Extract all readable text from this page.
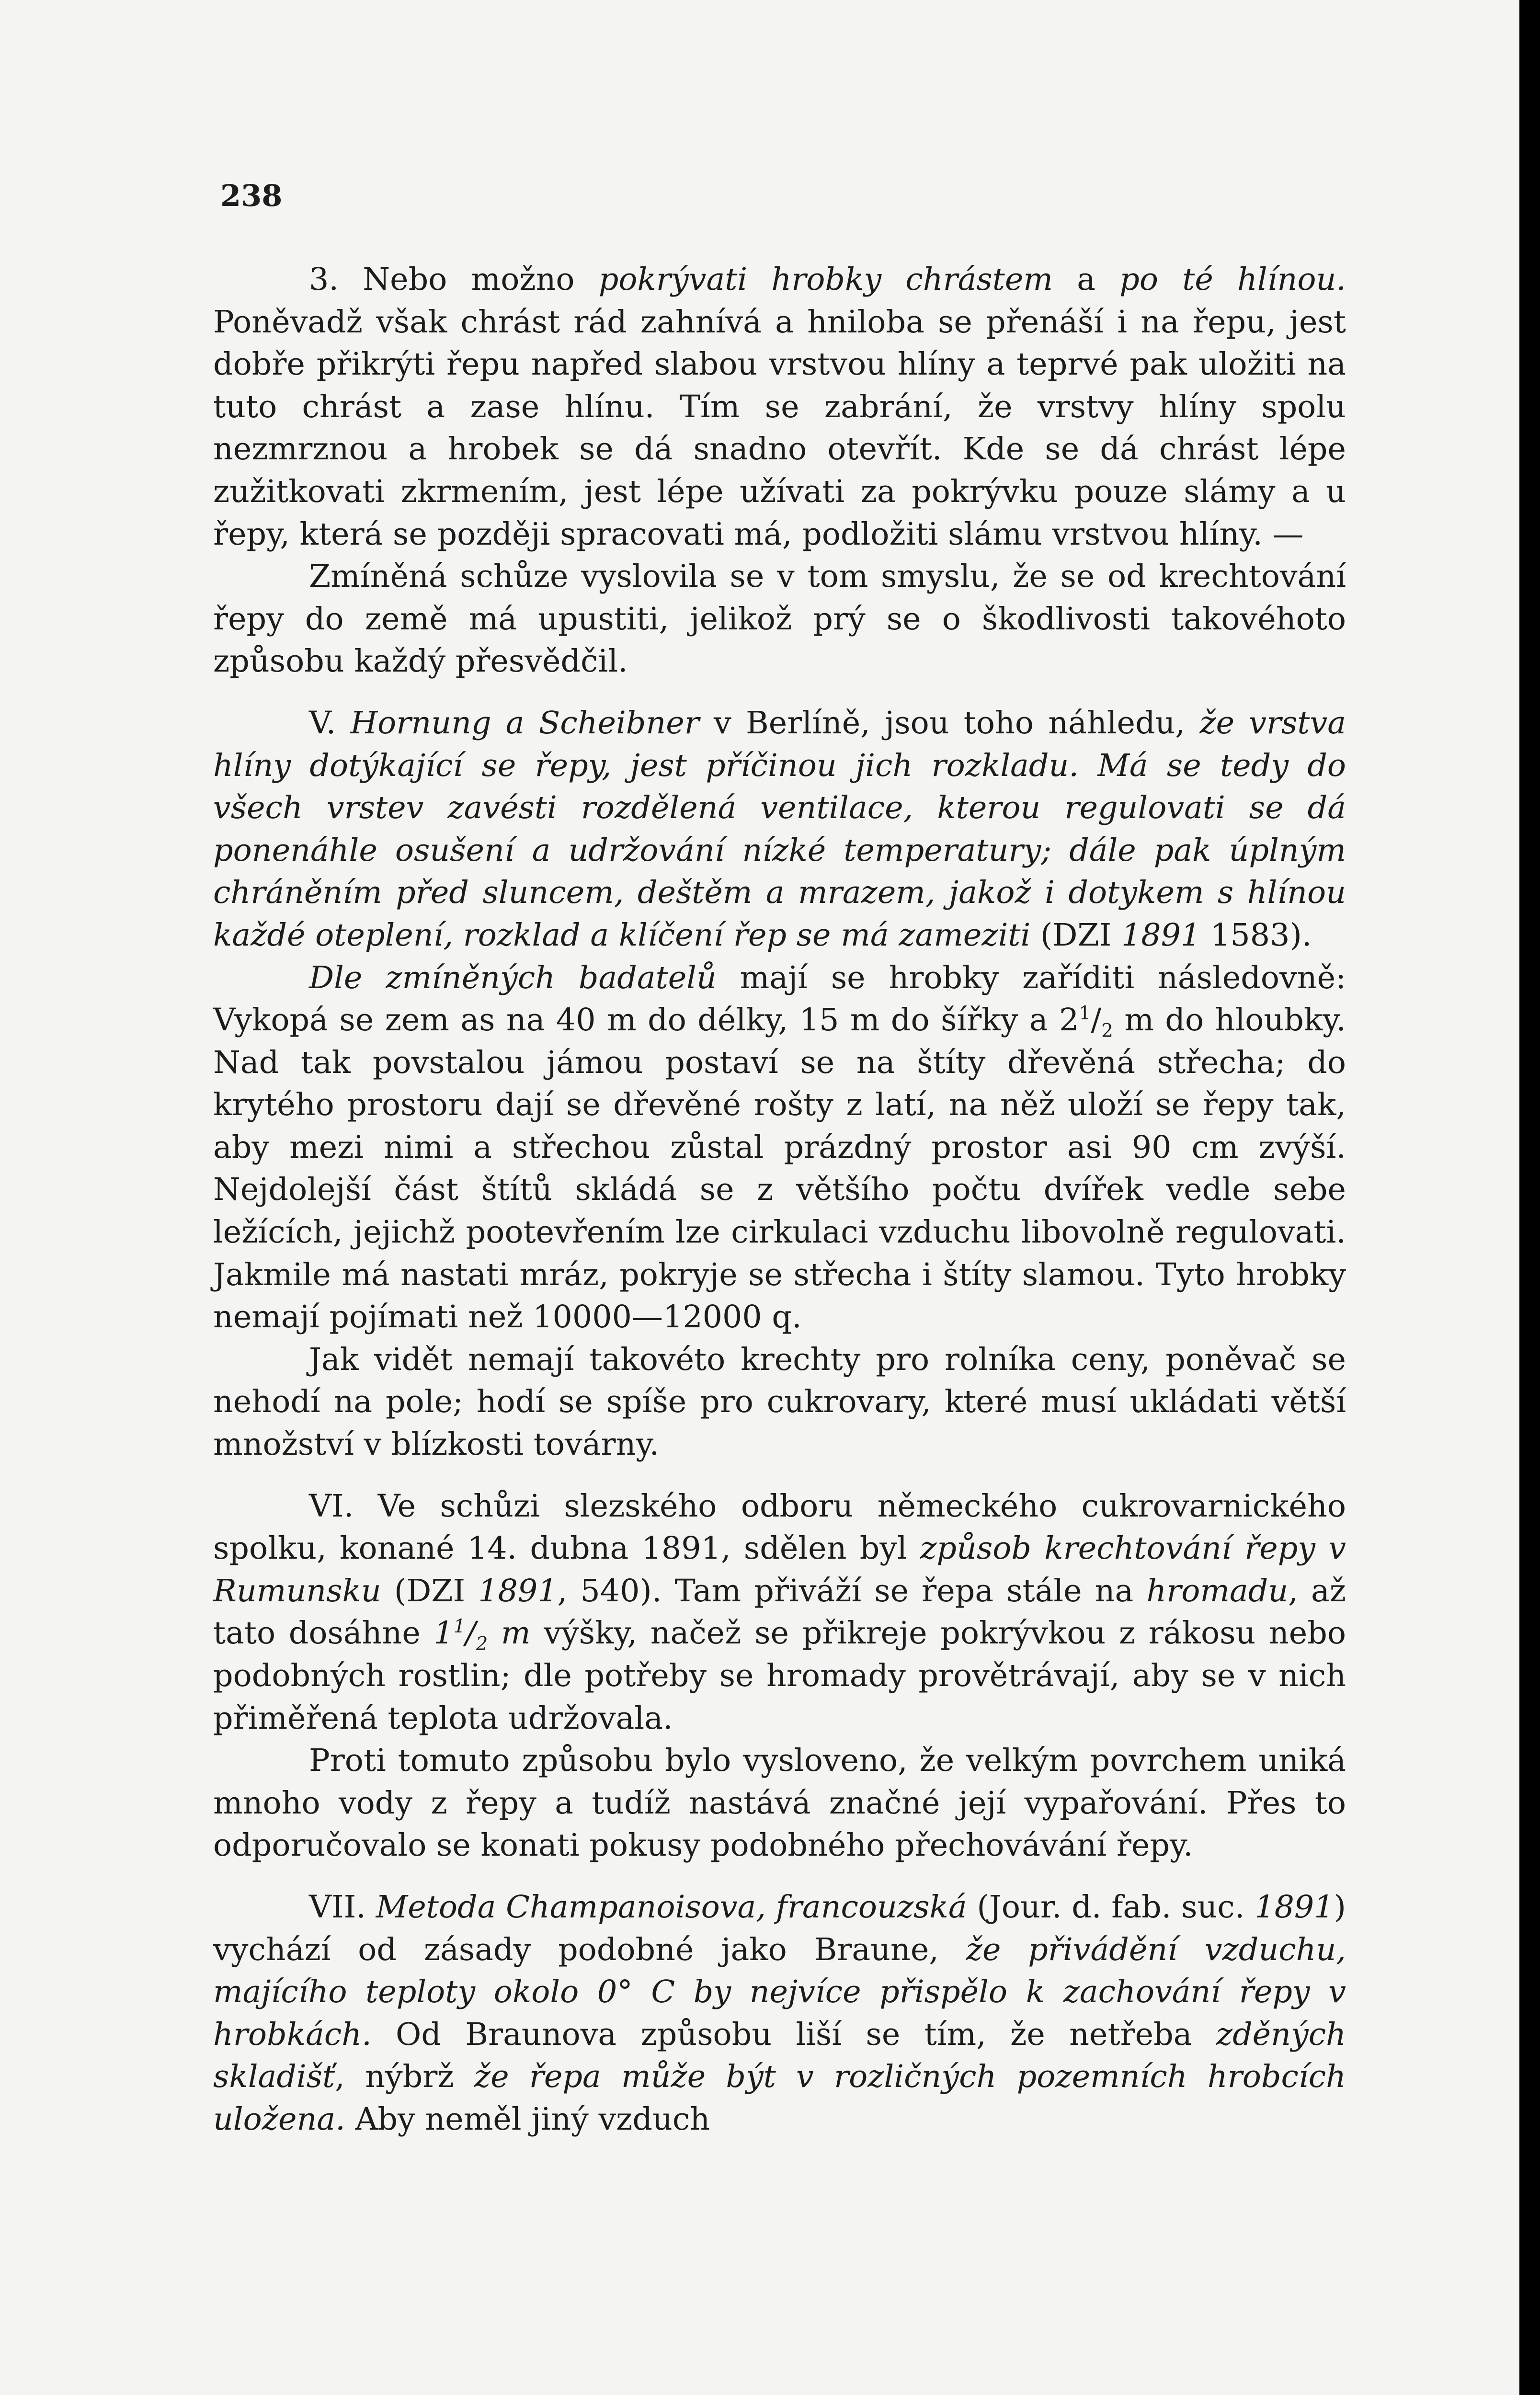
238

3. Nebo možno pokrývati hrobky chrástem a po té hlínou. Poněvadž však chrást rád zahnívá a hniloba se přenáší i na řepu, jest dobře přikrýti řepu napřed slabou vrstvou hlíny a teprvé pak uložiti na tuto chrást a zase hlínu. Tím se zabrání, že vrstvy hlíny spolu nezmrznou a hrobek se dá snadno otevřít. Kde se dá chrást lépe zužitkovati zkrmením, jest lépe užívati za pokrývku pouze slámy a u řepy, která se později spracovati má, podložiti slámu vrstvou hlíny. —

Zmíněná schůze vyslovila se v tom smyslu, že se od krechtování řepy do země má upustiti, jelikož prý se o škodlivosti takovéhoto způsobu každý přesvědčil.

V. Hornung a Scheibner v Berlíně, jsou toho náhledu, že vrstva hlíny dotýkající se řepy, jest příčinou jich rozkladu. Má se tedy do všech vrstev zavésti rozdělená ventilace, kterou regulovati se dá ponenáhle osušení a udržování nízké temperatury; dále pak úplným chráněním před sluncem, deštěm a mrazem, jakož i dotykem s hlínou každé oteplení, rozklad a klíčení řep se má zameziti (DZI 1891 1583).

Dle zmíněných badatelů mají se hrobky zaříditi následovně: Vykopá se zem as na 40 m do délky, 15 m do šířky a $2^1/_2$ m do hloubky. Nad tak povstalou jámou postaví se na štíty dřevěná střecha; do krytého prostoru dají se dřevěné rošty z latí, na něž uloží se řepy tak, aby mezi nimi a střechou zůstal prázdný prostor asi 90 cm zvýší. Nejdolejší část štítů skládá se z většího počtu dvířek vedle sebe ležících, jejichž pootevřením lze cirkulaci vzduchu libovolně regulovati. Jakmile má nastati mráz, pokryje se střecha i štíty slamou. Tyto hrobky nemají pojímati než 10000—12000 q.

Jak vidět nemají takovéto krechty pro rolníka ceny, poněvač se nehodí na pole; hodí se spíše pro cukrovary, které musí ukládati větší množství v blízkosti továrny.

VI. Ve schůzi slezského odboru německého cukrovarnického spolku, konané 14. dubna 1891, sdělen byl způsob krechtování řepy v Rumunsku (DZI 1891, 540). Tam přiváží se řepa stále na hromadu, až tato dosáhne $1^1/_2$ m výšky, načež se přikreje pokrývkou z rákosu nebo podobných rostlin; dle potřeby se hromady provětrávají, aby se v nich přiměřená teplota udržovala.

Proti tomuto způsobu bylo vysloveno, že velkým povrchem uniká mnoho vody z řepy a tudíž nastává značné její vypařování. Přes to odporučovalo se konati pokusy podobného přechovávání řepy.

VII. Metoda Champanoisova, francouzská (Jour. d. fab. suc. 1891) vychází od zásady podobné jako Braune, že přivádění vzduchu, majícího teploty okolo 0° C by nejvíce přispělo k zachování řepy v hrobkách. Od Braunova způsobu liší se tím, že netřeba zděných skladišť, nýbrž že řepa může být v rozličných pozemních hrobcích uložena. Aby neměl jiný vzduch
